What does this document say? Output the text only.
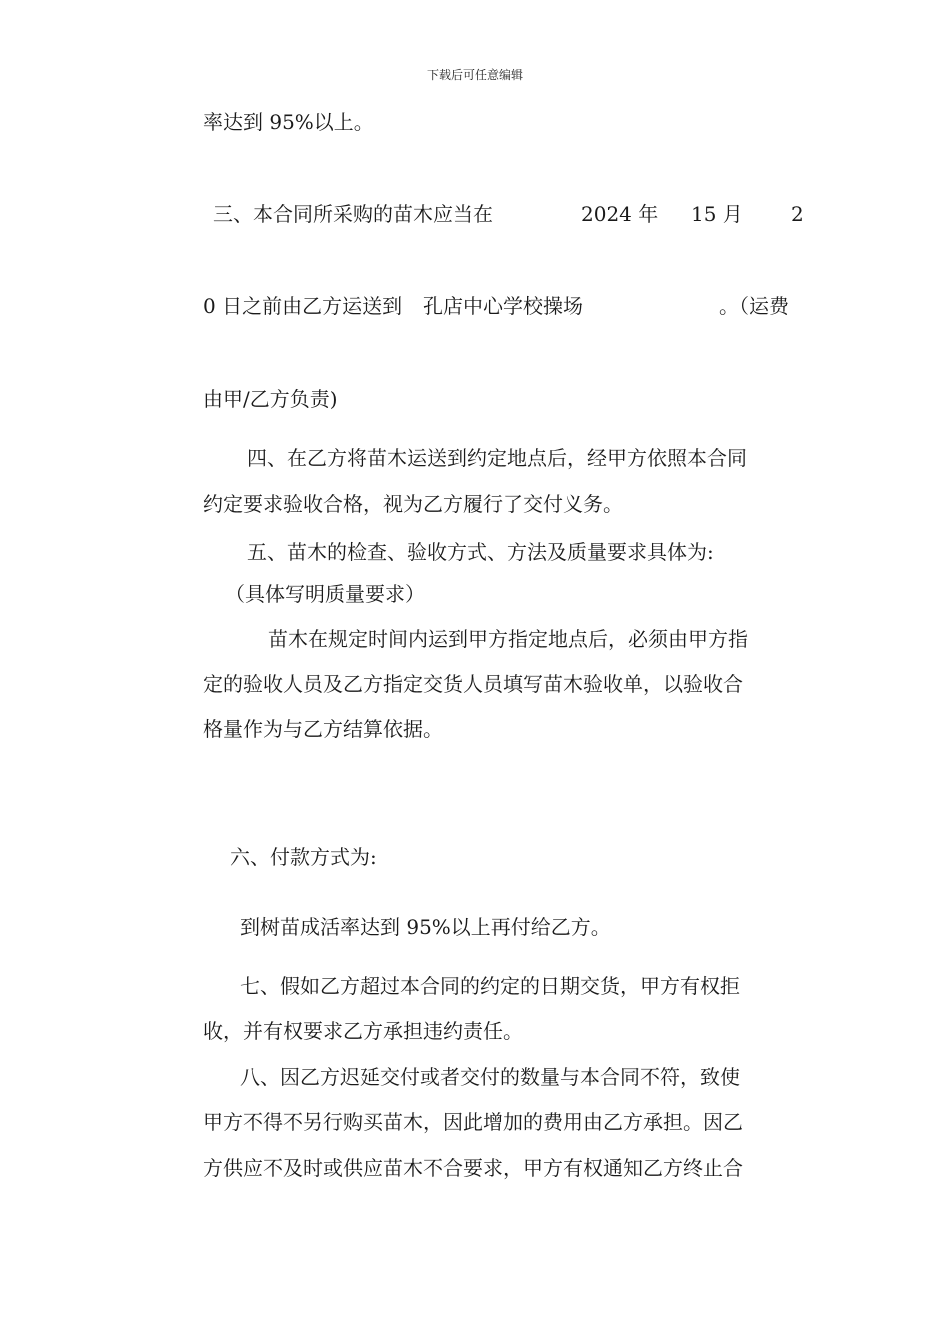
下载后可任意编辑
率达到 95%以上。
三、本合同所采购的苗木应当在	2024 年 15 月 2
0 日之前由乙方运送到 孔店中心学校操场	。（运费
由甲/乙方负责)
四、在乙方将苗木运送到约定地点后，经甲方依照本合同
约定要求验收合格，视为乙方履行了交付义务。
五、苗木的检查、验收方式、方法及质量要求具体为:
（具体写明质量要求）
苗木在规定时间内运到甲方指定地点后，必须由甲方指
定的验收人员及乙方指定交货人员填写苗木验收单，以验收合
格量作为与乙方结算依据。
六、付款方式为:
到树苗成活率达到 95%以上再付给乙方。
七、假如乙方超过本合同的约定的日期交货，甲方有权拒
收，并有权要求乙方承担违约责任。
八、因乙方迟延交付或者交付的数量与本合同不符，致使
甲方不得不另行购买苗木，因此增加的费用由乙方承担。因乙
方供应不及时或供应苗木不合要求，甲方有权通知乙方终止合
